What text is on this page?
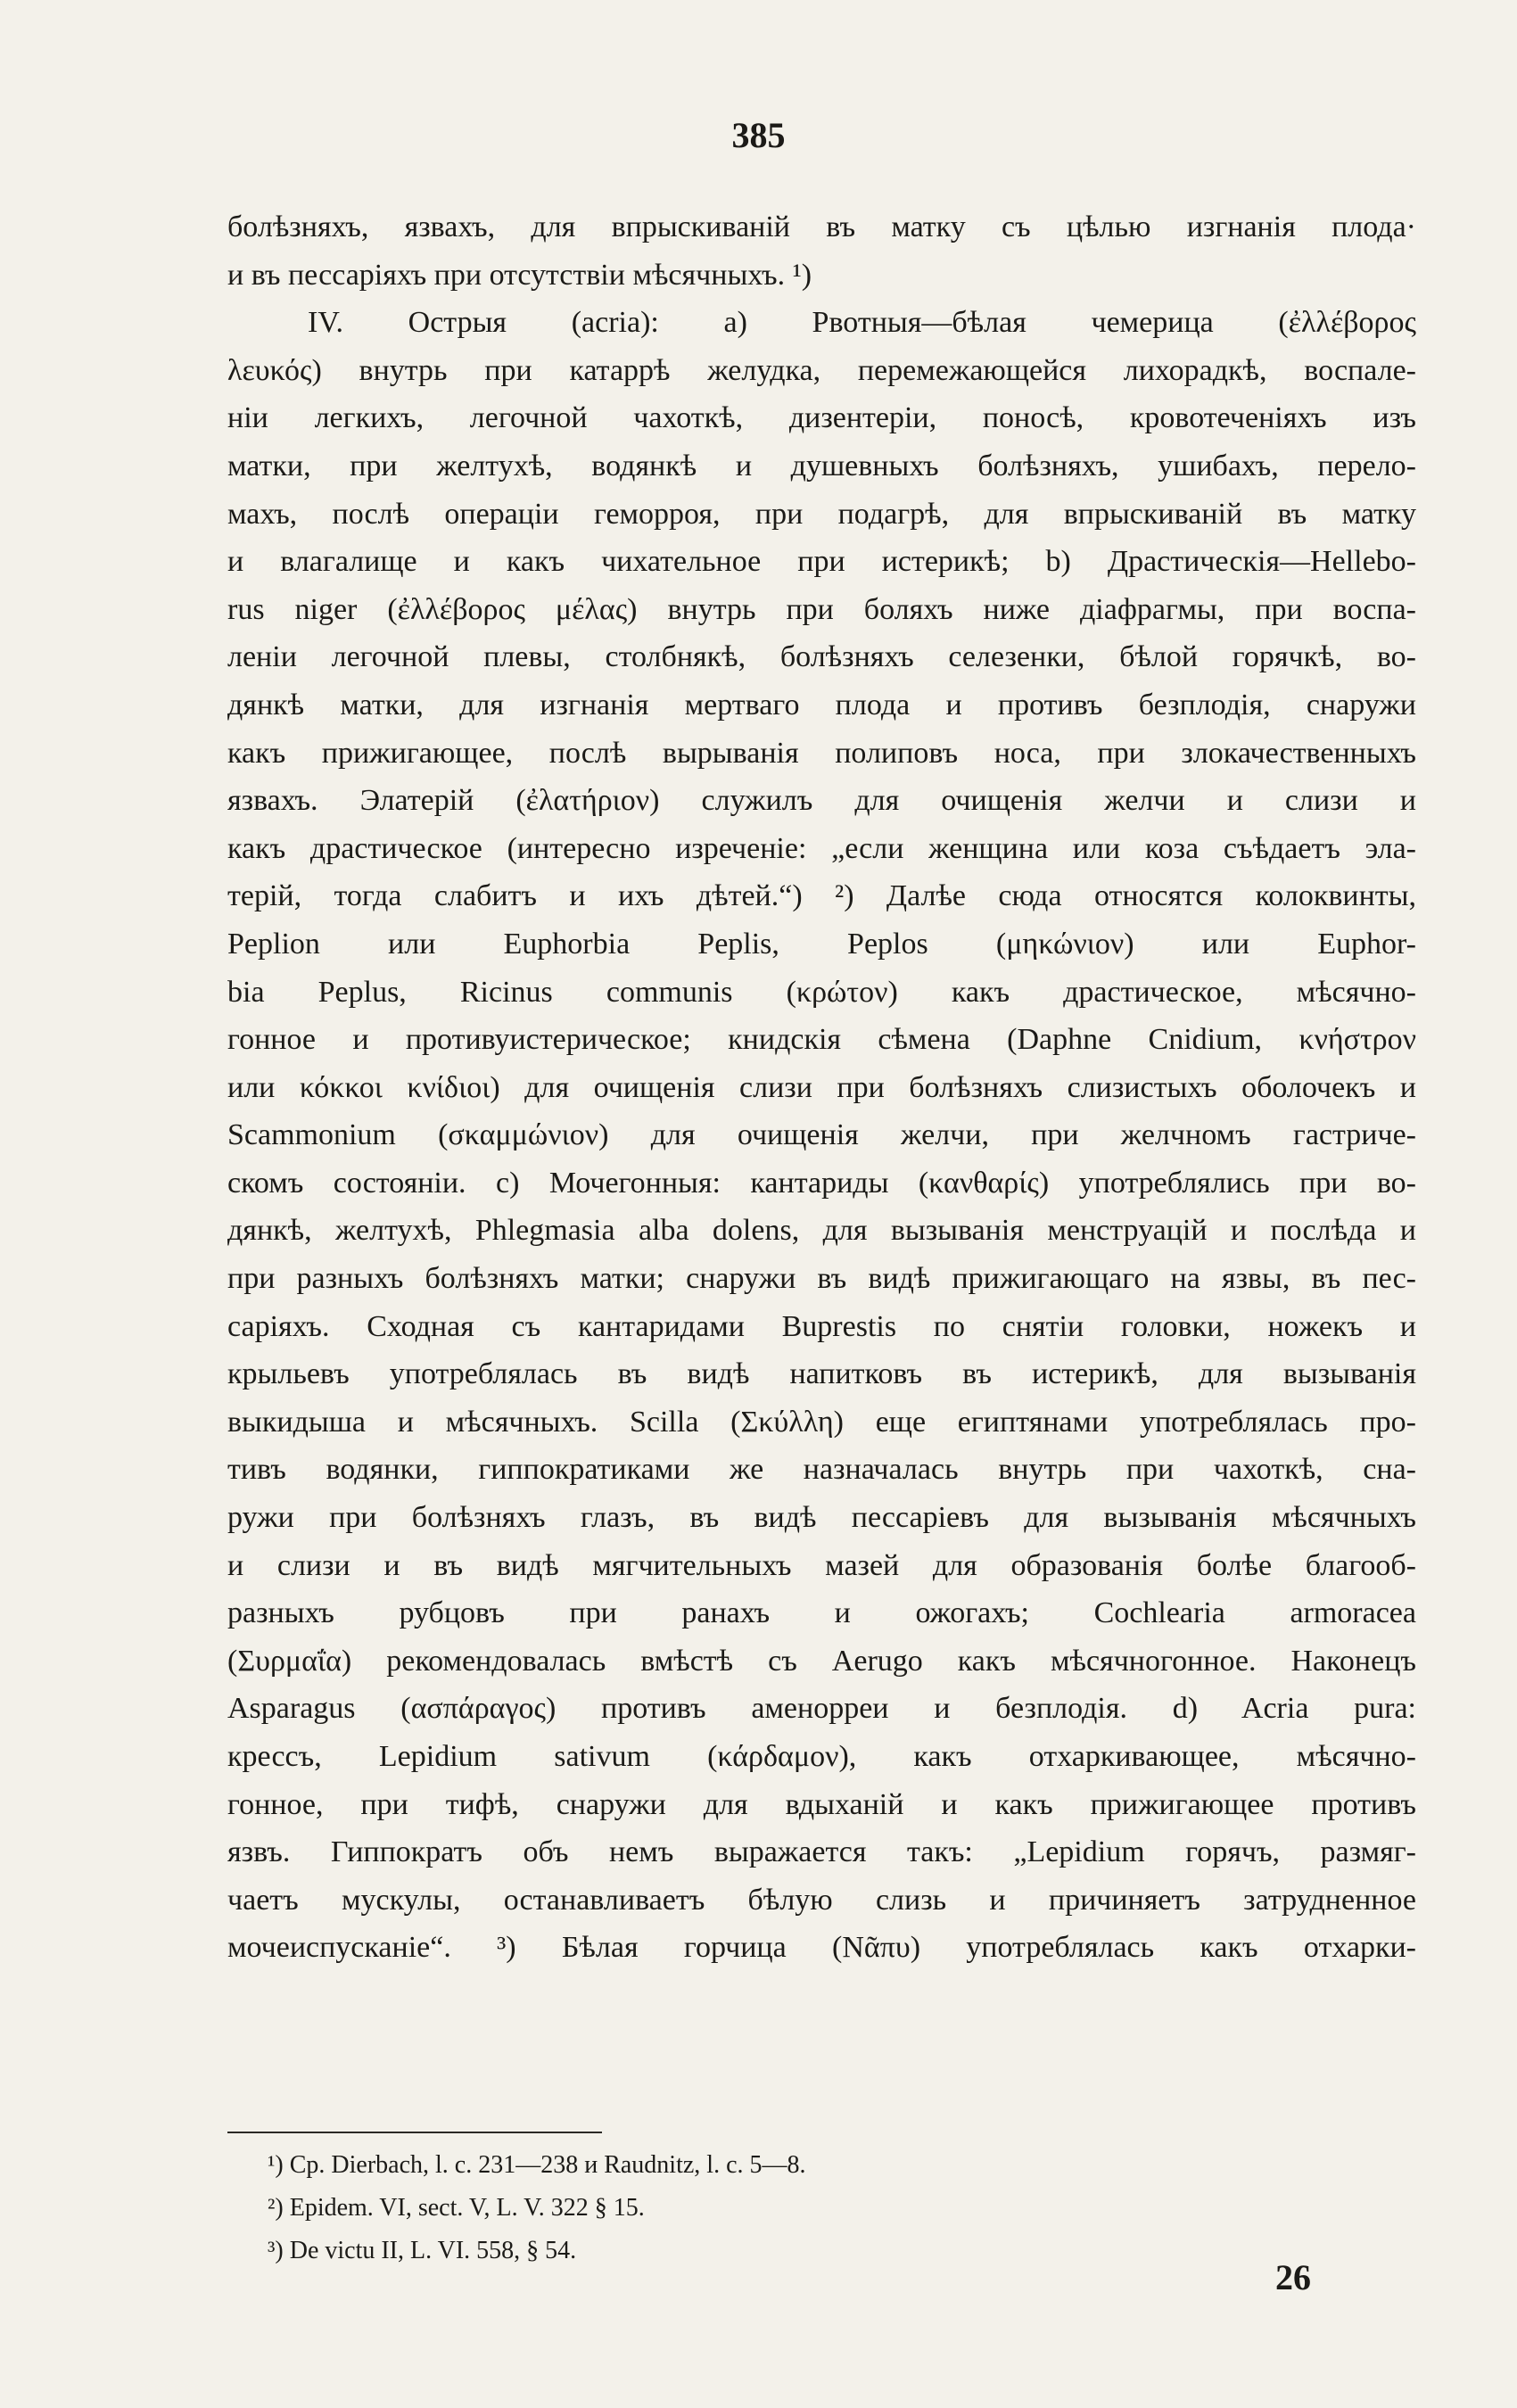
385
болѣзняхъ, язвахъ, для впрыскиваній въ матку съ цѣлью изгнанія плода·
и въ пессаріяхъ при отсутствіи мѣсячныхъ. ¹)
IV. Острыя (acria): a) Рвотныя—бѣлая чемерица (ἐλλέβορος
λευκός) внутрь при катаррѣ желудка, перемежающейся лихорадкѣ, воспале-
ніи легкихъ, легочной чахоткѣ, дизентеріи, поносѣ, кровотеченіяхъ изъ
матки, при желтухѣ, водянкѣ и душевныхъ болѣзняхъ, ушибахъ, перело-
махъ, послѣ операціи геморроя, при подагрѣ, для впрыскиваній въ матку
и влагалище и какъ чихательное при истерикѣ; b) Драстическія—Hellebo-
rus niger (ἐλλέβορος μέλας) внутрь при боляхъ ниже діафрагмы, при воспа-
леніи легочной плевы, столбнякѣ, болѣзняхъ селезенки, бѣлой горячкѣ, во-
дянкѣ матки, для изгнанія мертваго плода и противъ безплодія, снаружи
какъ прижигающее, послѣ вырыванія полиповъ носа, при злокачественныхъ
язвахъ. Элатерій (ἐλατήριον) служилъ для очищенія желчи и слизи и
какъ драстическое (интересно изреченіе: „если женщина или коза съѣдаетъ эла-
терій, тогда слабитъ и ихъ дѣтей.“) ²) Далѣе сюда относятся колоквинты,
Peplion или Euphorbia Peplis, Peplos (μηκώνιον) или Euphor-
bia Peplus, Ricinus communis (κρώτον) какъ драстическое, мѣсячно-
гонное и противуистерическое; книдскія сѣмена (Daphne Cnidium, κνήστρον
или κόκκοι κνίδιοι) для очищенія слизи при болѣзняхъ слизистыхъ оболочекъ и
Scammonium (σκαμμώνιον) для очищенія желчи, при желчномъ гастриче-
скомъ состояніи. c) Мочегонныя: кантариды (κανθαρίς) употреблялись при во-
дянкѣ, желтухѣ, Phlegmasia alba dolens, для вызыванія менструацій и послѣда и
при разныхъ болѣзняхъ матки; снаружи въ видѣ прижигающаго на язвы, въ пес-
саріяхъ. Сходная съ кантаридами Buprestis по снятіи головки, ножекъ и
крыльевъ употреблялась въ видѣ напитковъ въ истерикѣ, для вызыванія
выкидыша и мѣсячныхъ. Scilla (Σκύλλη) еще египтянами употреблялась про-
тивъ водянки, гиппократиками же назначалась внутрь при чахоткѣ, сна-
ружи при болѣзняхъ глазъ, въ видѣ пессаріевъ для вызыванія мѣсячныхъ
и слизи и въ видѣ мягчительныхъ мазей для образованія болѣе благооб-
разныхъ рубцовъ при ранахъ и ожогахъ; Cochlearia armoracea
(Συρμαΐα) рекомендовалась вмѣстѣ съ Aerugo какъ мѣсячногонное. Наконецъ
Asparagus (ασπάραγος) противъ аменорреи и безплодія. d) Acria pura:
крессъ, Lepidium sativum (κάρδαμον), какъ отхаркивающее, мѣсячно-
гонное, при тифѣ, снаружи для вдыханій и какъ прижигающее противъ
язвъ. Гиппократъ объ немъ выражается такъ: „Lepidium горячъ, размяг-
чаетъ мускулы, останавливаетъ бѣлую слизь и причиняетъ затрудненное
мочеиспусканіе“. ³) Бѣлая горчица (Νᾶπυ) употреблялась какъ отхарки-
¹) Cp. Dierbach, l. c. 231—238 и Raudnitz, l. c. 5—8.
²) Epidem. VI, sect. V, L. V. 322 § 15.
³) De victu II, L. VI. 558, § 54.
26
